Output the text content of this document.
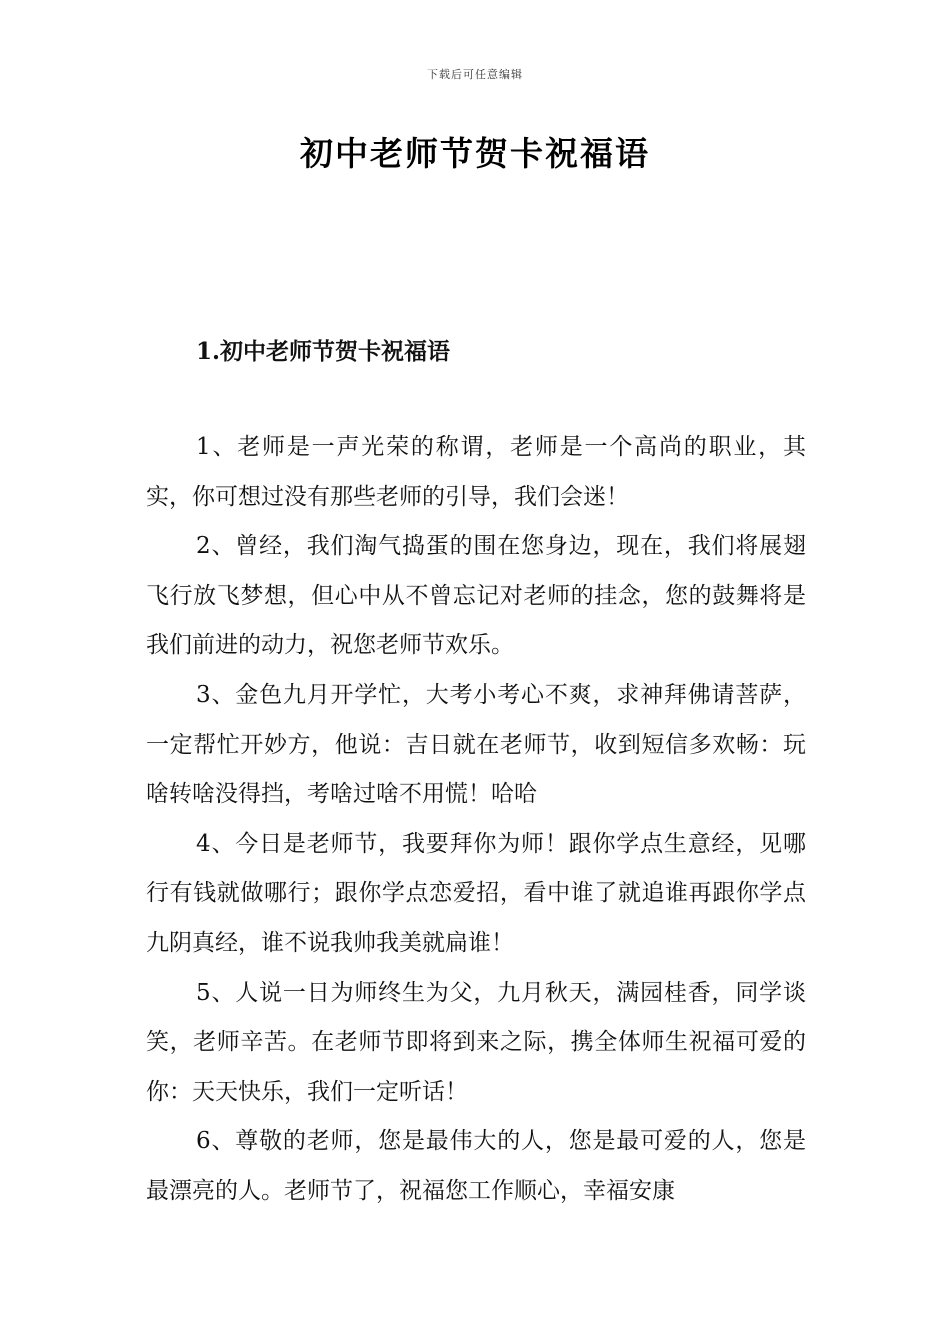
下载后可任意编辑
初中老师节贺卡祝福语
1.初中老师节贺卡祝福语

1、老师是一声光荣的称谓，老师是一个高尚的职业，其实，你可想过没有那些老师的引导，我们会迷！

2、曾经，我们淘气捣蛋的围在您身边，现在，我们将展翅飞行放飞梦想，但心中从不曾忘记对老师的挂念，您的鼓舞将是我们前进的动力，祝您老师节欢乐。

3、金色九月开学忙，大考小考心不爽，求神拜佛请菩萨，一定帮忙开妙方，他说：吉日就在老师节，收到短信多欢畅：玩啥转啥没得挡，考啥过啥不用慌！哈哈

4、今日是老师节，我要拜你为师！跟你学点生意经，见哪行有钱就做哪行；跟你学点恋爱招，看中谁了就追谁再跟你学点九阴真经，谁不说我帅我美就扁谁！

5、人说一日为师终生为父，九月秋天，满园桂香，同学谈笑，老师辛苦。在老师节即将到来之际，携全体师生祝福可爱的你：天天快乐，我们一定听话！

6、尊敬的老师，您是最伟大的人，您是最可爱的人，您是最漂亮的人。老师节了，祝福您工作顺心，幸福安康
